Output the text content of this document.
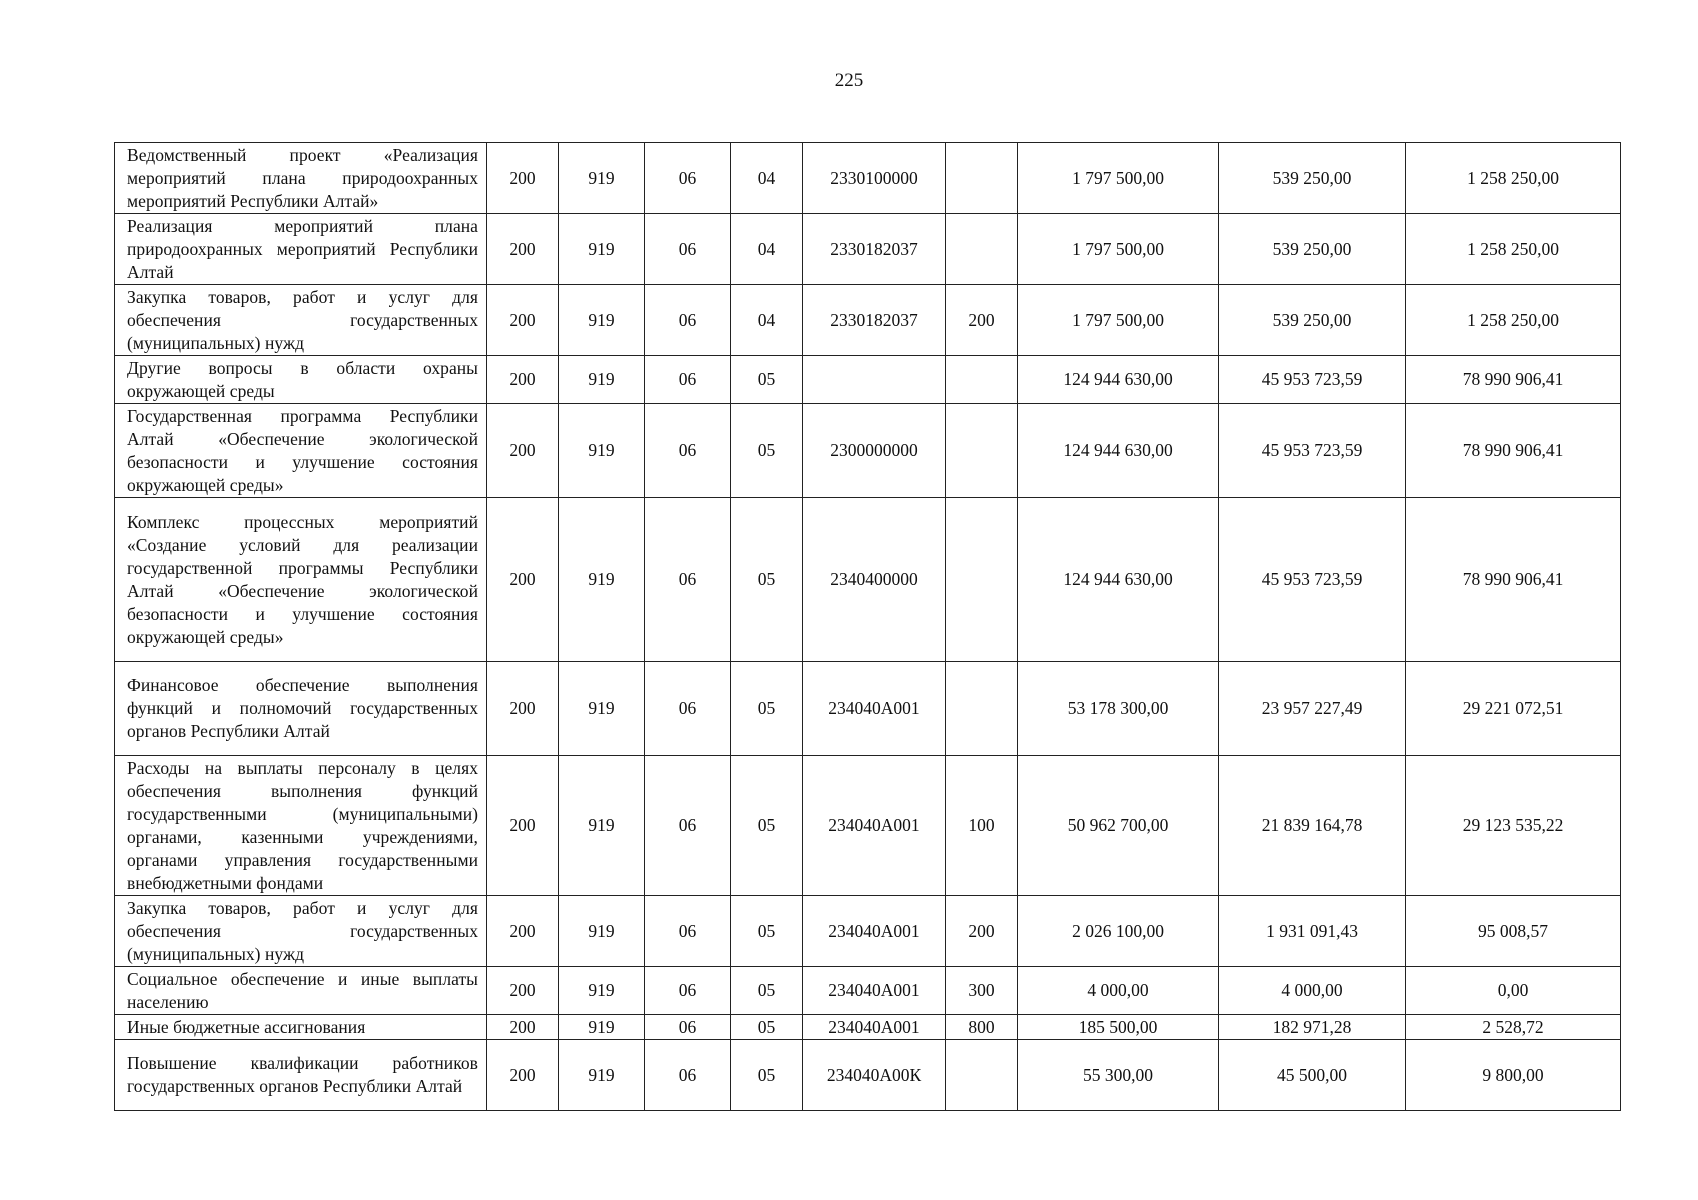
225
Ведомственный проект «Реализация мероприятий плана природоохранных мероприятий Республики Алтай»	200	919	06	04	2330100000		1 797 500,00	539 250,00	1 258 250,00
Реализация мероприятий плана природоохранных мероприятий Республики Алтай	200	919	06	04	2330182037		1 797 500,00	539 250,00	1 258 250,00
Закупка товаров, работ и услуг для обеспечения государственных (муниципальных) нужд	200	919	06	04	2330182037	200	1 797 500,00	539 250,00	1 258 250,00
Другие вопросы в области охраны окружающей среды	200	919	06	05			124 944 630,00	45 953 723,59	78 990 906,41
Государственная программа Республики Алтай «Обеспечение экологической безопасности и улучшение состояния окружающей среды»	200	919	06	05	2300000000		124 944 630,00	45 953 723,59	78 990 906,41
Комплекс процессных мероприятий «Создание условий для реализации государственной программы Республики Алтай «Обеспечение экологической безопасности и улучшение состояния окружающей среды»	200	919	06	05	2340400000		124 944 630,00	45 953 723,59	78 990 906,41
Финансовое обеспечение выполнения функций и полномочий государственных органов Республики Алтай	200	919	06	05	234040А001		53 178 300,00	23 957 227,49	29 221 072,51
Расходы на выплаты персоналу в целях обеспечения выполнения функций государственными (муниципальными) органами, казенными учреждениями, органами управления государственными внебюджетными фондами	200	919	06	05	234040А001	100	50 962 700,00	21 839 164,78	29 123 535,22
Закупка товаров, работ и услуг для обеспечения государственных (муниципальных) нужд	200	919	06	05	234040А001	200	2 026 100,00	1 931 091,43	95 008,57
Социальное обеспечение и иные выплаты населению	200	919	06	05	234040А001	300	4 000,00	4 000,00	0,00
Иные бюджетные ассигнования	200	919	06	05	234040А001	800	185 500,00	182 971,28	2 528,72
Повышение квалификации работников государственных органов Республики Алтай	200	919	06	05	234040А00К		55 300,00	45 500,00	9 800,00
